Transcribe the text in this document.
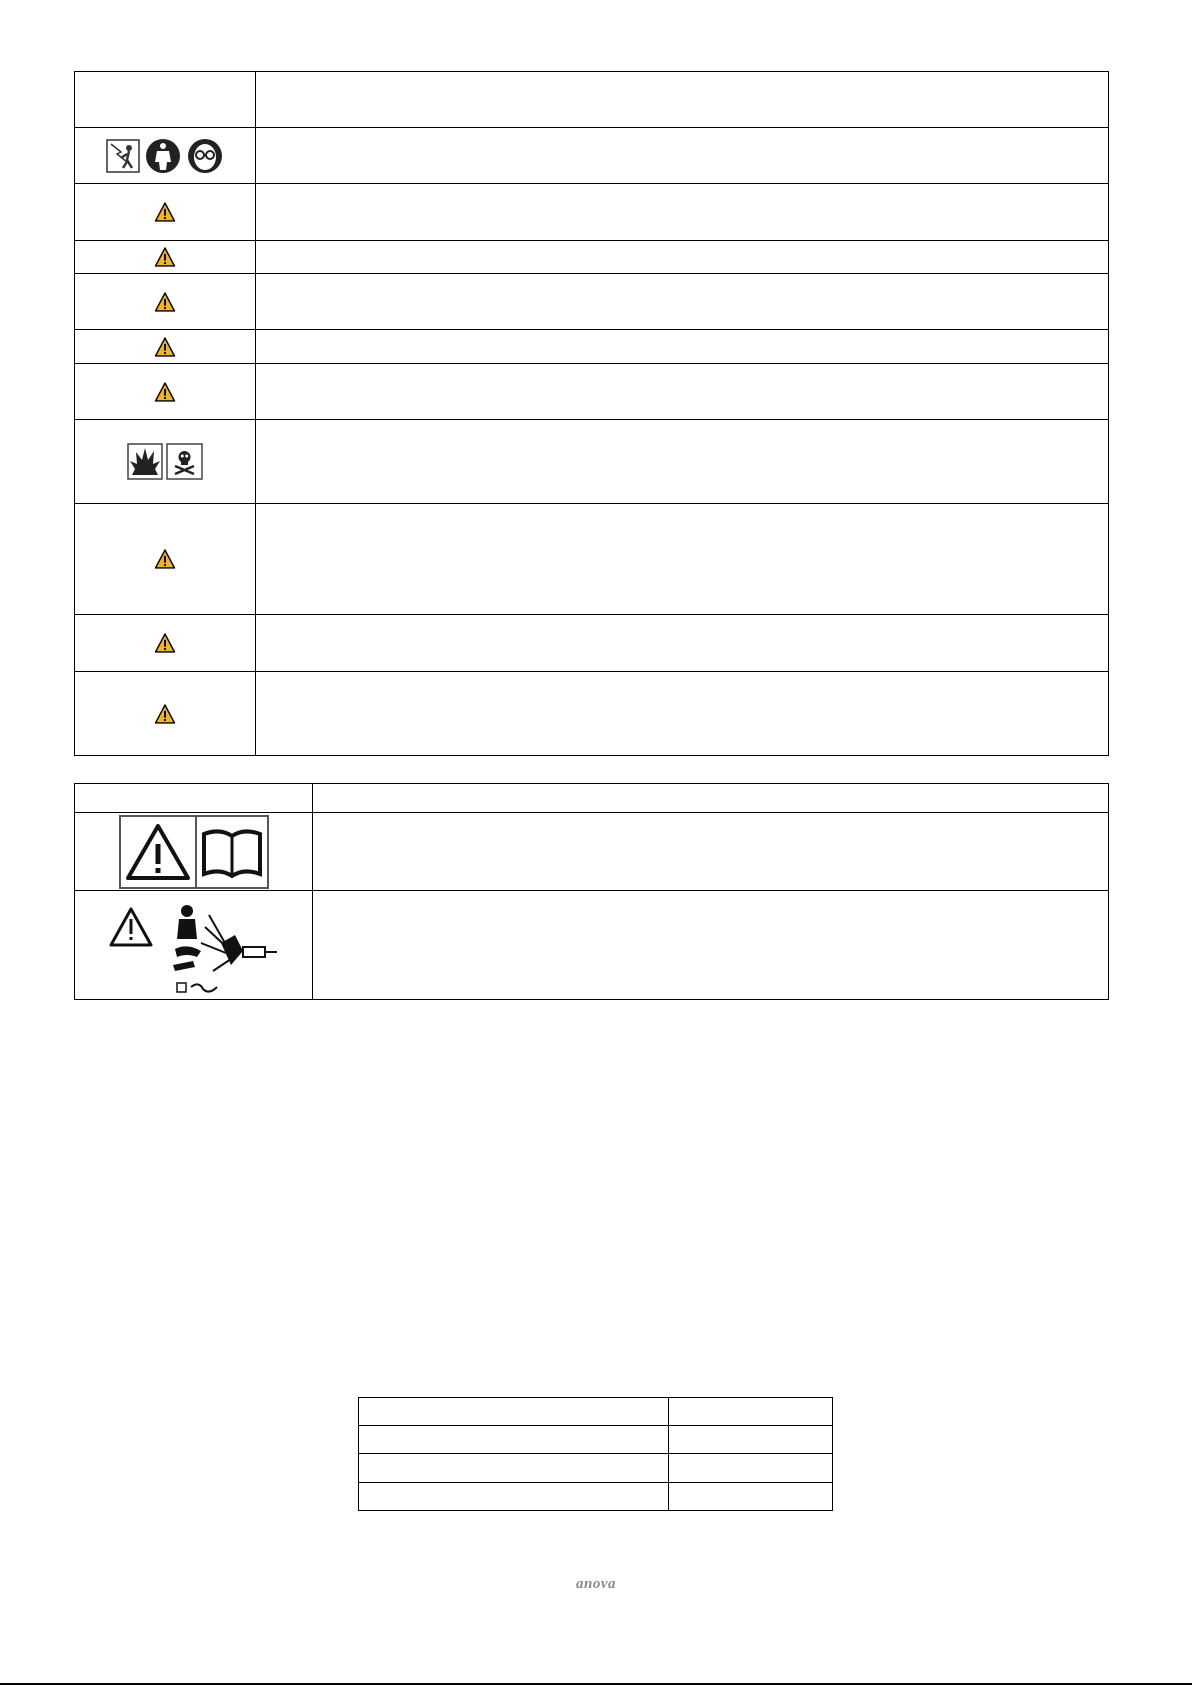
anova
